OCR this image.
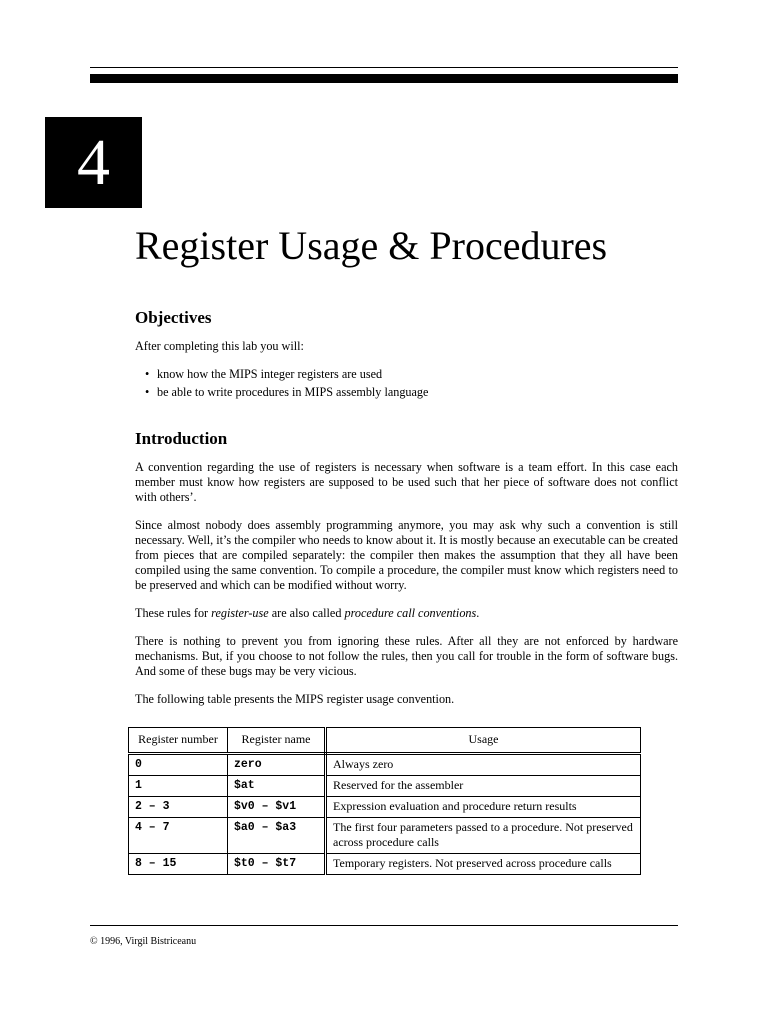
4
Register Usage & Procedures
Objectives

After completing this lab you will:

• know how the MIPS integer registers are used
• be able to write procedures in MIPS assembly language
Introduction

A convention regarding the use of registers is necessary when software is a team effort. In this case each member must know how registers are supposed to be used such that her piece of software does not conflict with others’.

Since almost nobody does assembly programming anymore, you may ask why such a convention is still necessary. Well, it’s the compiler who needs to know about it. It is mostly because an executable can be created from pieces that are compiled separately: the compiler then makes the assumption that they all have been compiled using the same convention. To compile a procedure, the compiler must know which registers need to be preserved and which can be modified without worry.

These rules for register-use are also called procedure call conventions.

There is nothing to prevent you from ignoring these rules. After all they are not enforced by hardware mechanisms. But, if you choose to not follow the rules, then you call for trouble in the form of software bugs. And some of these bugs may be very vicious.

The following table presents the MIPS register usage convention.

Register number	Register name	Usage
0	zero	Always zero
1	$at	Reserved for the assembler
2 – 3	$v0 – $v1	Expression evaluation and procedure return results
4 – 7	$a0 – $a3	The first four parameters passed to a procedure. Not preserved across procedure calls
8 – 15	$t0 – $t7	Temporary registers. Not preserved across procedure calls
© 1996, Virgil Bistriceanu
